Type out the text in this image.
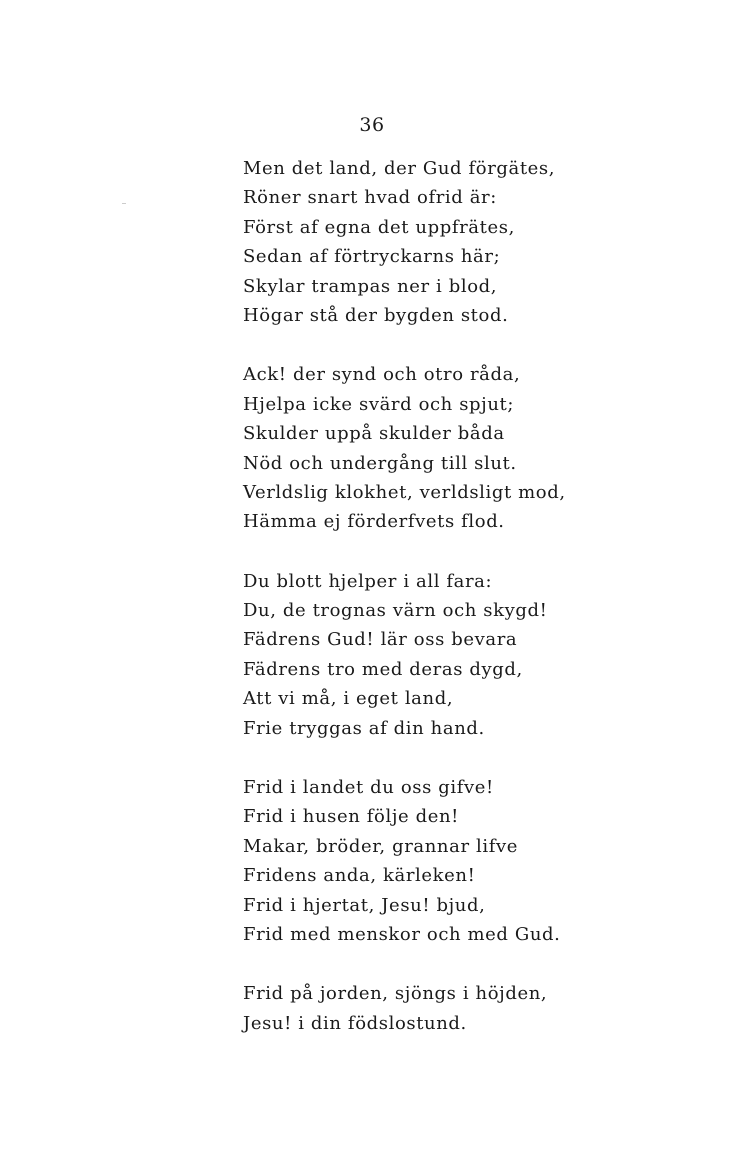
36
Men det land, der Gud förgätes,
Röner snart hvad ofrid är:
Först af egna det uppfrätes,
Sedan af förtryckarns här;
Skylar trampas ner i blod,
Högar stå der bygden stod.
Ack! der synd och otro råda,
Hjelpa icke svärd och spjut;
Skulder uppå skulder båda
Nöd och undergång till slut.
Verldslig klokhet, verldsligt mod,
Hämma ej förderfvets flod.
Du blott hjelper i all fara:
Du, de trognas värn och skygd!
Fädrens Gud! lär oss bevara
Fädrens tro med deras dygd,
Att vi må, i eget land,
Frie tryggas af din hand.
Frid i landet du oss gifve!
Frid i husen följe den!
Makar, bröder, grannar lifve
Fridens anda, kärleken!
Frid i hjertat, Jesu! bjud,
Frid med menskor och med Gud.
Frid på jorden, sjöngs i höjden,
Jesu! i din födslostund.
